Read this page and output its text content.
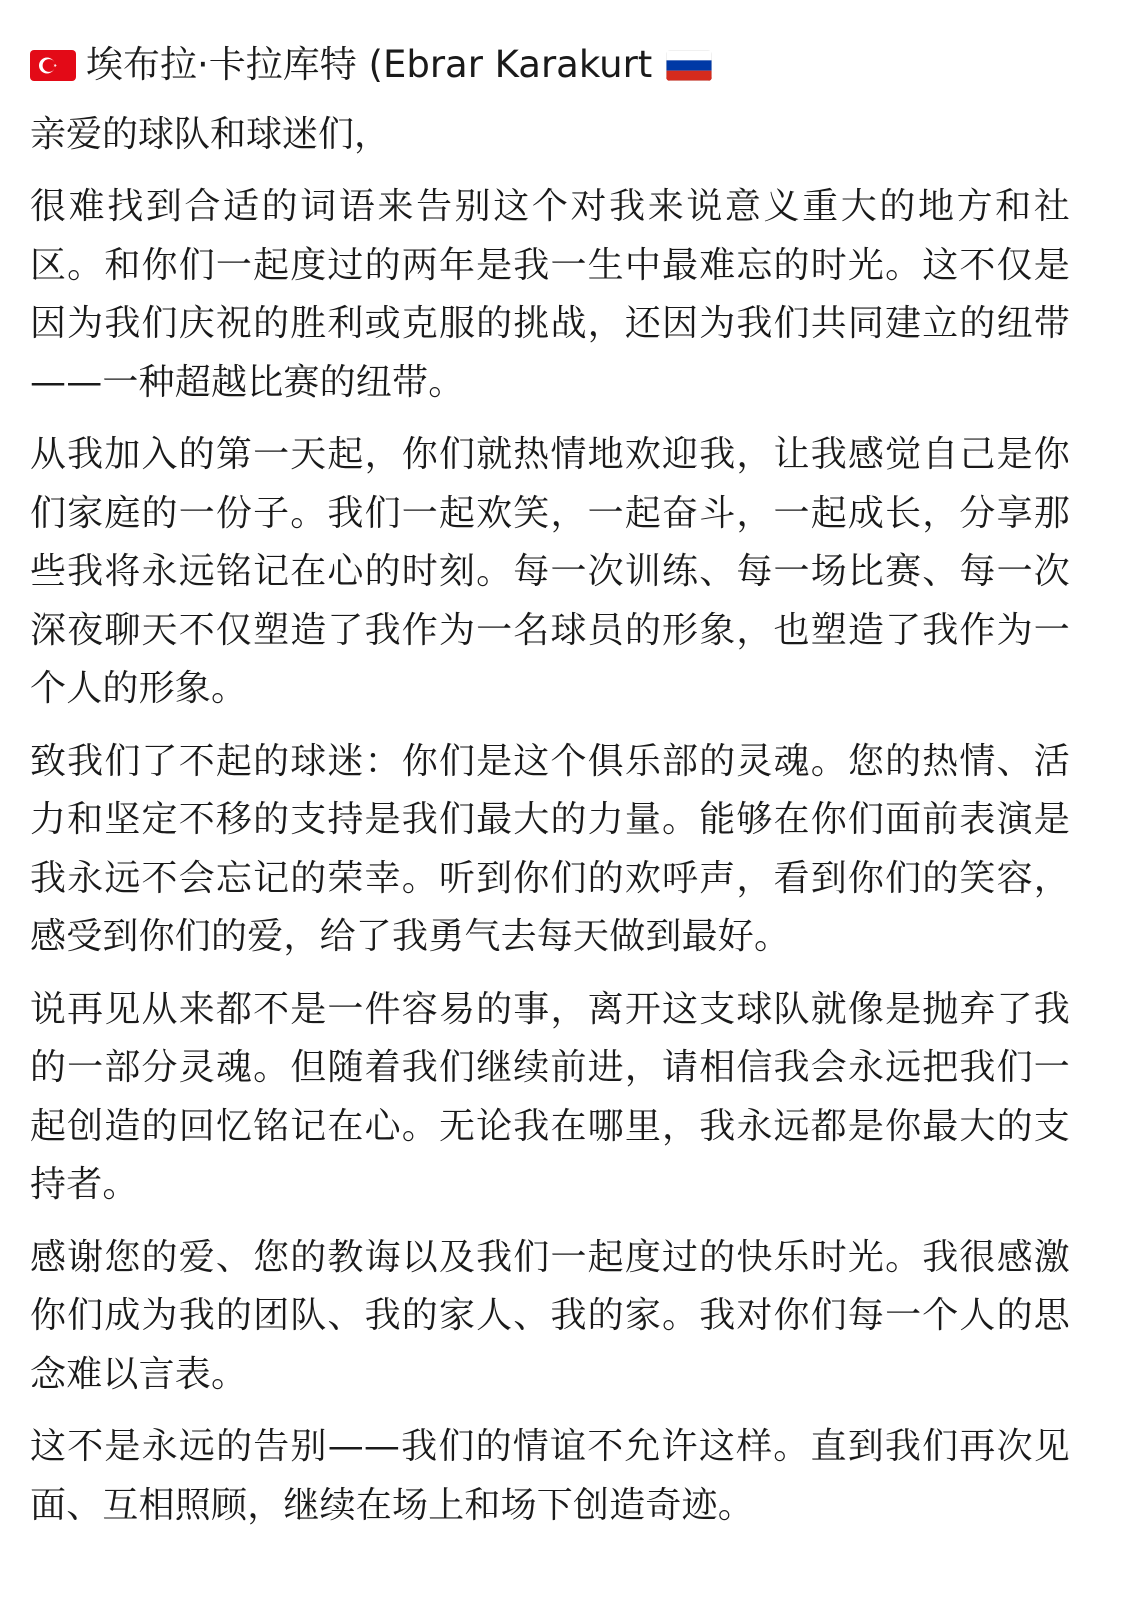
埃布拉·卡拉库特 (Ebrar Karakurt

亲爱的球队和球迷们，

很难找到合适的词语来告别这个对我来说意义重大的地方和社区。和你们一起度过的两年是我一生中最难忘的时光。这不仅是因为我们庆祝的胜利或克服的挑战，还因为我们共同建立的纽带——一种超越比赛的纽带。

从我加入的第一天起，你们就热情地欢迎我，让我感觉自己是你们家庭的一份子。我们一起欢笑，一起奋斗，一起成长，分享那些我将永远铭记在心的时刻。每一次训练、每一场比赛、每一次深夜聊天不仅塑造了我作为一名球员的形象，也塑造了我作为一个人的形象。

致我们了不起的球迷：你们是这个俱乐部的灵魂。您的热情、活力和坚定不移的支持是我们最大的力量。能够在你们面前表演是我永远不会忘记的荣幸。听到你们的欢呼声，看到你们的笑容，感受到你们的爱，给了我勇气去每天做到最好。

说再见从来都不是一件容易的事，离开这支球队就像是抛弃了我的一部分灵魂。但随着我们继续前进，请相信我会永远把我们一起创造的回忆铭记在心。无论我在哪里，我永远都是你最大的支持者。

感谢您的爱、您的教诲以及我们一起度过的快乐时光。我很感激你们成为我的团队、我的家人、我的家。我对你们每一个人的思念难以言表。

这不是永远的告别——我们的情谊不允许这样。直到我们再次见面、互相照顾，继续在场上和场下创造奇迹。
